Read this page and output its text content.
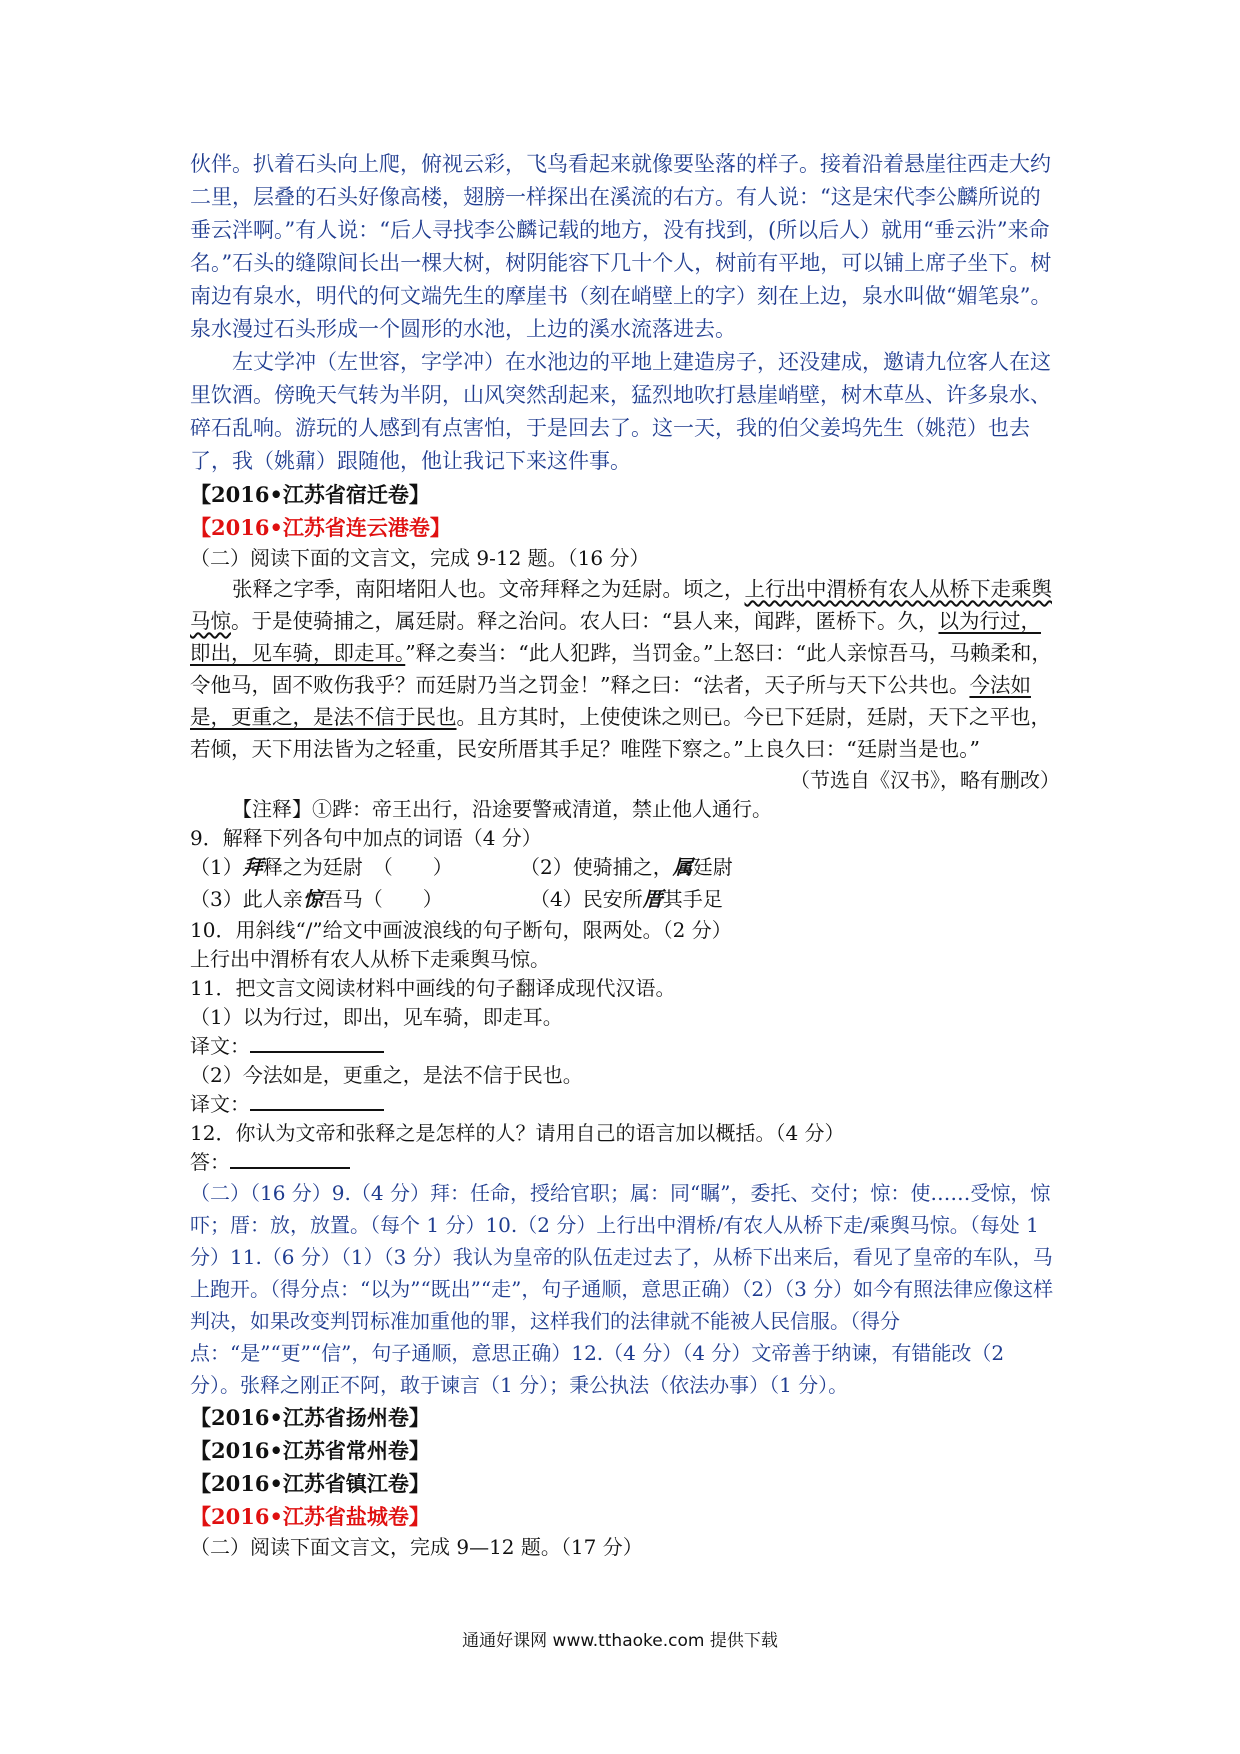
伙伴。扒着石头向上爬，俯视云彩，飞鸟看起来就像要坠落的样子。接着沿着悬崖往西走大约二里，层叠的石头好像高楼，翅膀一样探出在溪流的右方。有人说：“这是宋代李公麟所说的垂云泮啊。”有人说：“后人寻找李公麟记载的地方，没有找到，(所以后人）就用“垂云沜”来命名。”石头的缝隙间长出一棵大树，树阴能容下几十个人，树前有平地，可以铺上席子坐下。树南边有泉水，明代的何文端先生的摩崖书（刻在峭壁上的字）刻在上边，泉水叫做“媚笔泉”。泉水漫过石头形成一个圆形的水池，上边的溪水流落进去。

左丈学冲（左世容，字学冲）在水池边的平地上建造房子，还没建成，邀请九位客人在这里饮酒。傍晚天气转为半阴，山风突然刮起来，猛烈地吹打悬崖峭壁，树木草丛、许多泉水、碎石乱响。游玩的人感到有点害怕，于是回去了。这一天，我的伯父姜坞先生（姚范）也去了，我（姚鼐）跟随他，他让我记下来这件事。

【2016•江苏省宿迁卷】

【2016•江苏省连云港卷】

（二）阅读下面的文言文，完成 9-12 题。（16 分）

张释之字季，南阳堵阳人也。文帝拜释之为廷尉。顷之，上行出中渭桥有农人从桥下走乘舆马惊。于是使骑捕之，属廷尉。释之治问。农人曰：“县人来，闻跸，匿桥下。久，以为行过，即出，见车骑，即走耳。”释之奏当：“此人犯跸，当罚金。”上怒曰：“此人亲惊吾马，马赖柔和，令他马，固不败伤我乎？而廷尉乃当之罚金！”释之曰：“法者，天子所与天下公共也。今法如是，更重之，是法不信于民也。且方其时，上使使诛之则已。今已下廷尉，廷尉，天下之平也，若倾，天下用法皆为之轻重，民安所厝其手足？唯陛下察之。”上良久曰：“廷尉当是也。”

（节选自《汉书》，略有删改）

【注释】①跸：帝王出行，沿途要警戒清道，禁止他人通行。

9．解释下列各句中加点的词语（4 分）

（1）拜释之为廷尉　（　　）	（2）使骑捕之，属廷尉
（3）此人亲惊吾马（　　）	（4）民安所厝其手足

10．用斜线“/”给文中画波浪线的句子断句，限两处。（2 分）

上行出中渭桥有农人从桥下走乘舆马惊。

11．把文言文阅读材料中画线的句子翻译成现代汉语。

（1）以为行过，即出，见车骑，即走耳。

译文：

（2）今法如是，更重之，是法不信于民也。

译文：

12．你认为文帝和张释之是怎样的人？请用自己的语言加以概括。（4 分）

答：

（二）（16 分）9.（4 分）拜：任命，授给官职；属：同“瞩”，委托、交付；惊：使……受惊，惊吓；厝：放，放置。（每个 1 分）10.（2 分）上行出中渭桥/有农人从桥下走/乘舆马惊。（每处 1 分）11.（6 分）（1）（3 分）我认为皇帝的队伍走过去了，从桥下出来后，看见了皇帝的车队，马上跑开。（得分点：“以为”“既出”“走”，句子通顺，意思正确）（2）（3 分）如今有照法律应像这样判决，如果改变判罚标准加重他的罪，这样我们的法律就不能被人民信服。（得分点：“是”“更”“信”，句子通顺，意思正确）12.（4 分）（4 分）文帝善于纳谏，有错能改（2 分）。张释之刚正不阿，敢于谏言（1 分）；秉公执法（依法办事）（1 分）。

【2016•江苏省扬州卷】

【2016•江苏省常州卷】

【2016•江苏省镇江卷】

【2016•江苏省盐城卷】

（二）阅读下面文言文，完成 9—12 题。（17 分）

通通好课网 www.tthaoke.com 提供下载
